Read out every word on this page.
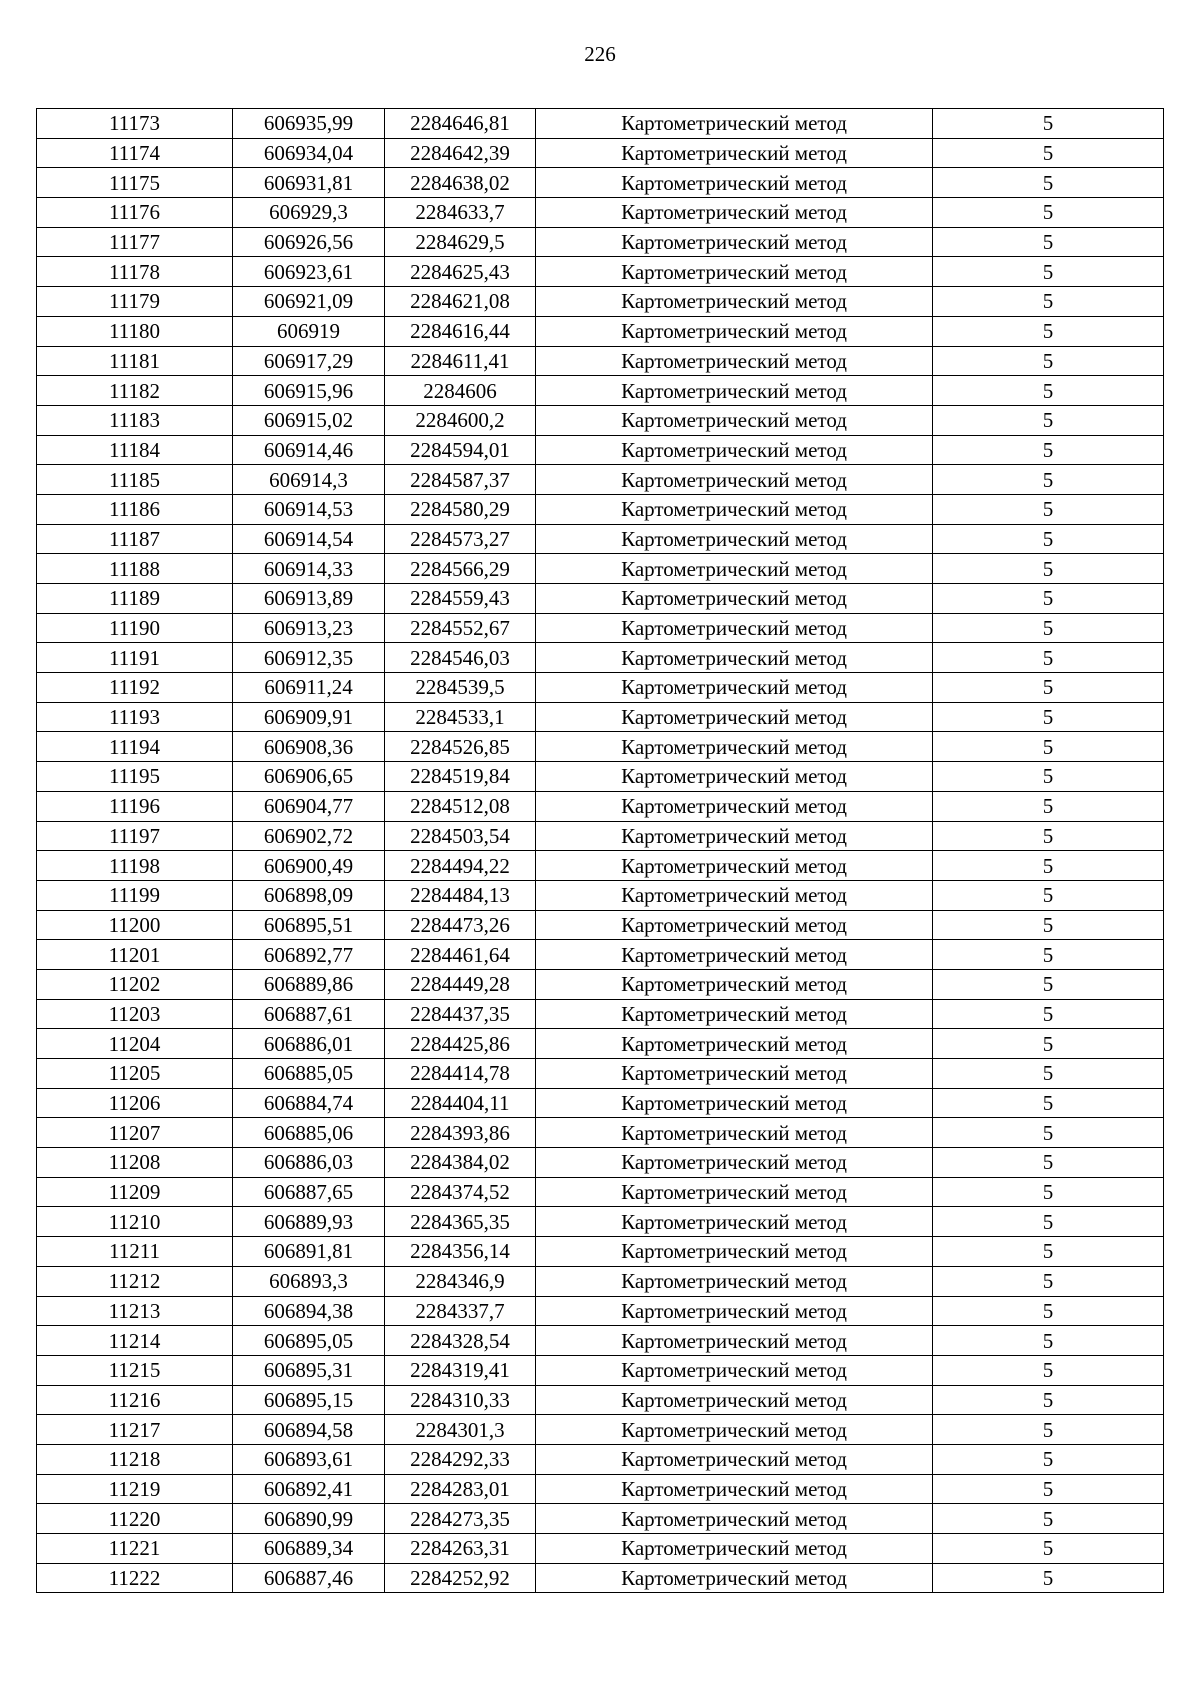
226
11173	606935,99	2284646,81	Картометрический метод	5
11174	606934,04	2284642,39	Картометрический метод	5
11175	606931,81	2284638,02	Картометрический метод	5
11176	606929,3	2284633,7	Картометрический метод	5
11177	606926,56	2284629,5	Картометрический метод	5
11178	606923,61	2284625,43	Картометрический метод	5
11179	606921,09	2284621,08	Картометрический метод	5
11180	606919	2284616,44	Картометрический метод	5
11181	606917,29	2284611,41	Картометрический метод	5
11182	606915,96	2284606	Картометрический метод	5
11183	606915,02	2284600,2	Картометрический метод	5
11184	606914,46	2284594,01	Картометрический метод	5
11185	606914,3	2284587,37	Картометрический метод	5
11186	606914,53	2284580,29	Картометрический метод	5
11187	606914,54	2284573,27	Картометрический метод	5
11188	606914,33	2284566,29	Картометрический метод	5
11189	606913,89	2284559,43	Картометрический метод	5
11190	606913,23	2284552,67	Картометрический метод	5
11191	606912,35	2284546,03	Картометрический метод	5
11192	606911,24	2284539,5	Картометрический метод	5
11193	606909,91	2284533,1	Картометрический метод	5
11194	606908,36	2284526,85	Картометрический метод	5
11195	606906,65	2284519,84	Картометрический метод	5
11196	606904,77	2284512,08	Картометрический метод	5
11197	606902,72	2284503,54	Картометрический метод	5
11198	606900,49	2284494,22	Картометрический метод	5
11199	606898,09	2284484,13	Картометрический метод	5
11200	606895,51	2284473,26	Картометрический метод	5
11201	606892,77	2284461,64	Картометрический метод	5
11202	606889,86	2284449,28	Картометрический метод	5
11203	606887,61	2284437,35	Картометрический метод	5
11204	606886,01	2284425,86	Картометрический метод	5
11205	606885,05	2284414,78	Картометрический метод	5
11206	606884,74	2284404,11	Картометрический метод	5
11207	606885,06	2284393,86	Картометрический метод	5
11208	606886,03	2284384,02	Картометрический метод	5
11209	606887,65	2284374,52	Картометрический метод	5
11210	606889,93	2284365,35	Картометрический метод	5
11211	606891,81	2284356,14	Картометрический метод	5
11212	606893,3	2284346,9	Картометрический метод	5
11213	606894,38	2284337,7	Картометрический метод	5
11214	606895,05	2284328,54	Картометрический метод	5
11215	606895,31	2284319,41	Картометрический метод	5
11216	606895,15	2284310,33	Картометрический метод	5
11217	606894,58	2284301,3	Картометрический метод	5
11218	606893,61	2284292,33	Картометрический метод	5
11219	606892,41	2284283,01	Картометрический метод	5
11220	606890,99	2284273,35	Картометрический метод	5
11221	606889,34	2284263,31	Картометрический метод	5
11222	606887,46	2284252,92	Картометрический метод	5
